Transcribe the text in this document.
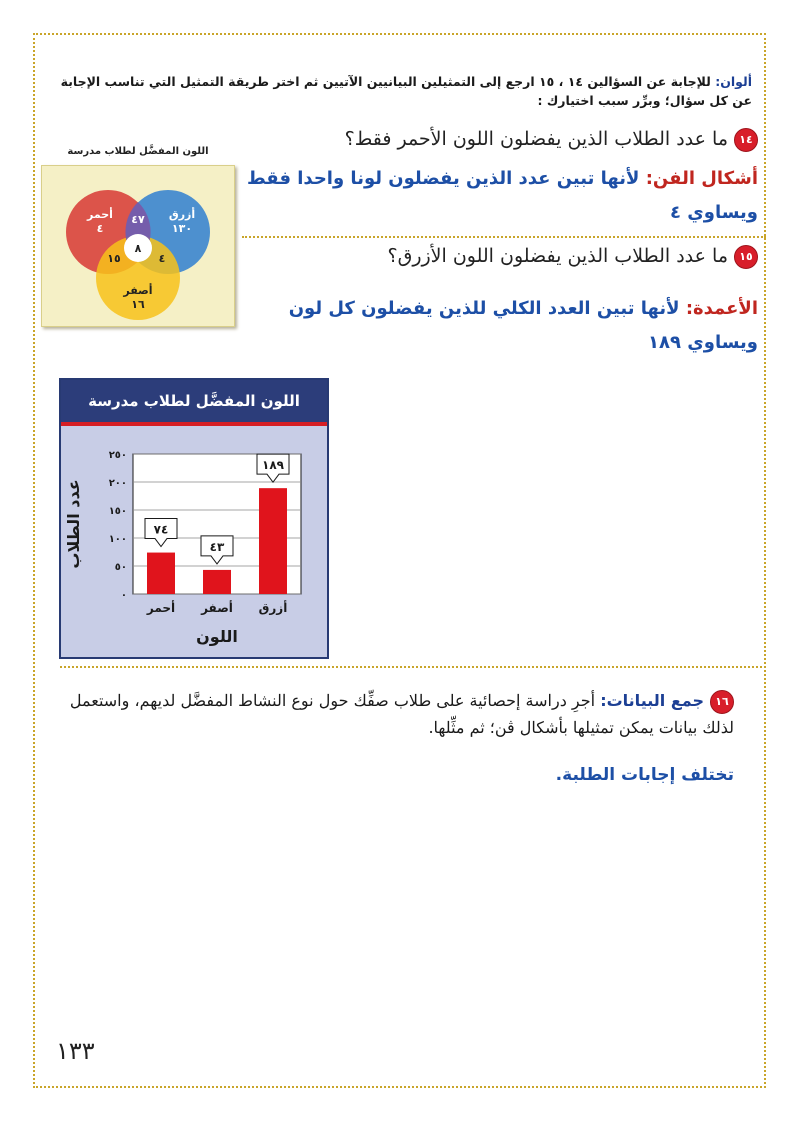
ألوان: للإجابة عن السؤالين ١٤ ، ١٥ ارجع إلى التمثيلين البيانيين الآتيين ثم اختر طريقة التمثيل التي تناسب الإجابة عن كل سؤال؛ وبرِّر سبب اختيارك :
١٤ما عدد الطلاب الذين يفضلون اللون الأحمر فقط؟
أشكال الفن: لأنها تبين عدد الذين يفضلون لونا واحدا فقط
ويساوي ٤
١٥ما عدد الطلاب الذين يفضلون اللون الأزرق؟
الأعمدة: لأنها تبين العدد الكلي للذين يفضلون كل لون
ويساوي ١٨٩
اللون المفضَّل لطلاب مدرسة
أحمر
٤
أزرق
١٣٠
٤٧
٨
١٥	٤
أصفر
١٦
اللون المفضَّل لطلاب مدرسة
٠
٥٠
١٠٠
١٥٠
٢٠٠
٢٥٠
٧٤
أحمر
٤٣
أصفر
١٨٩
أزرق
عدد الطلاب
اللون
١٦جمع البيانات: أجرِ دراسة إحصائية على طلاب صفِّك حول نوع النشاط المفضَّل لديهم، واستعمل لذلك بيانات يمكن تمثيلها بأشكال ڤن؛ ثم مثِّلها.
تختلف إجابات الطلبة.
١٣٣
